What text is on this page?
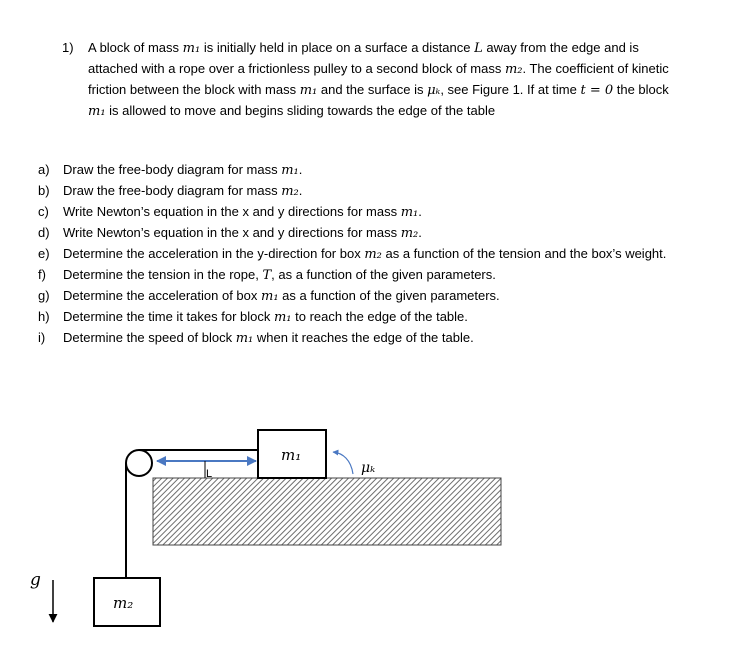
1) A block of mass m₁ is initially held in place on a surface a distance L away from the edge and is attached with a rope over a frictionless pulley to a second block of mass m₂. The coefficient of kinetic friction between the block with mass m₁ and the surface is μₖ, see Figure 1. If at time t = 0 the block m₁ is allowed to move and begins sliding towards the edge of the table
a) Draw the free-body diagram for mass m₁.
b) Draw the free-body diagram for mass m₂.
c) Write Newton’s equation in the x and y directions for mass m₁.
d) Write Newton’s equation in the x and y directions for mass m₂.
e) Determine the acceleration in the y-direction for box m₂ as a function of the tension and the box’s weight.
f) Determine the tension in the rope, T, as a function of the given parameters.
g) Determine the acceleration of box m₁ as a function of the given parameters.
h) Determine the time it takes for block m₁ to reach the edge of the table.
i) Determine the speed of block m₁ when it reaches the edge of the table.
L
m₁
μₖ
m₂
g
